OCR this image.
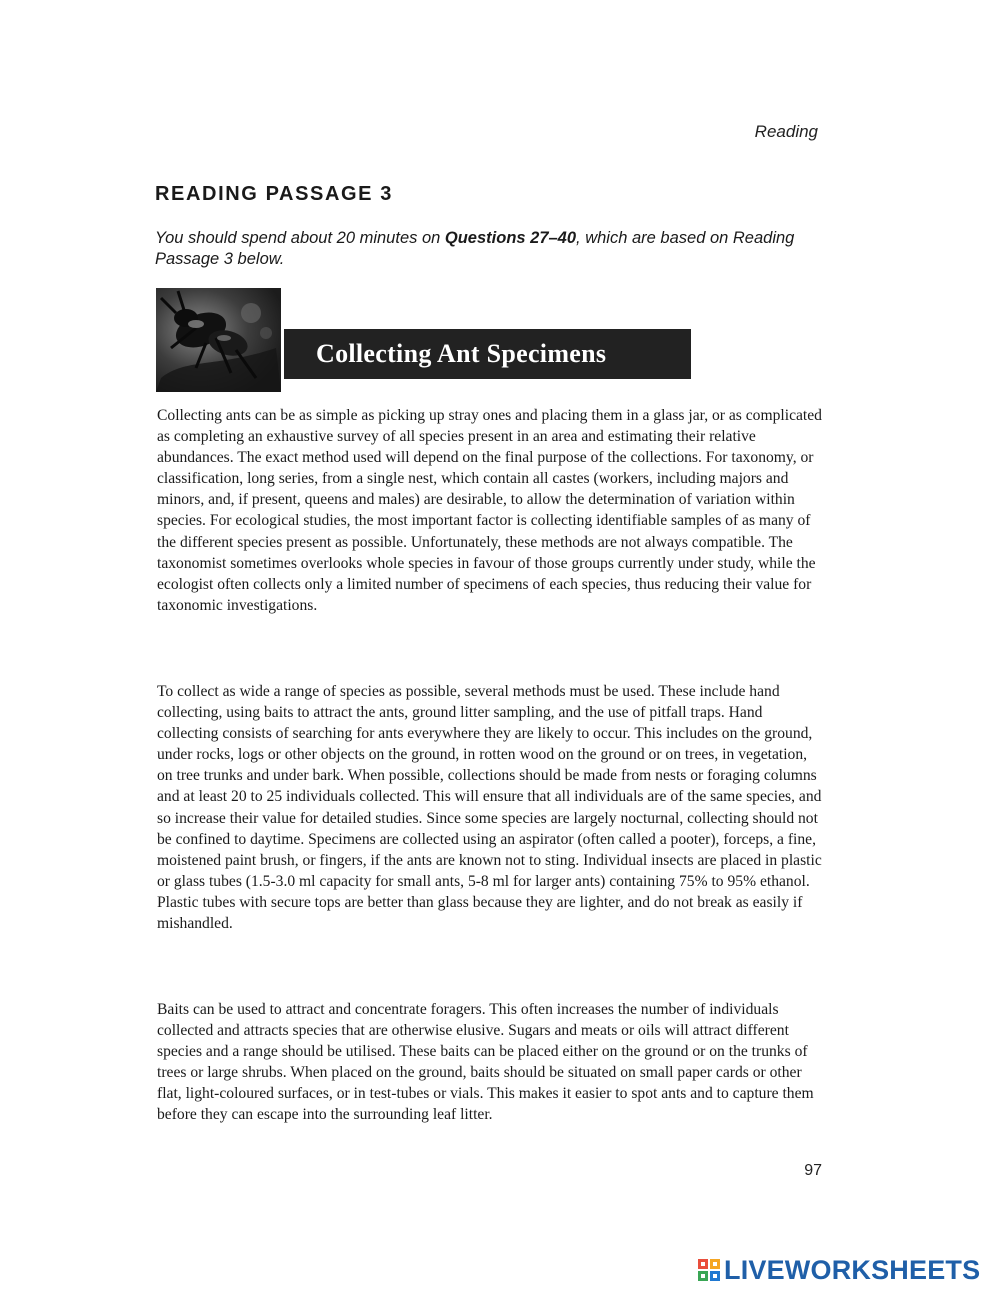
Reading
READING PASSAGE 3

You should spend about 20 minutes on Questions 27–40, which are based on Reading Passage 3 below.

Collecting Ant Specimens

Collecting ants can be as simple as picking up stray ones and placing them in a glass jar, or as complicated as completing an exhaustive survey of all species present in an area and estimating their relative abundances. The exact method used will depend on the final purpose of the collections. For taxonomy, or classification, long series, from a single nest, which contain all castes (workers, including majors and minors, and, if present, queens and males) are desirable, to allow the determination of variation within species. For ecological studies, the most important factor is collecting identifiable samples of as many of the different species present as possible. Unfortunately, these methods are not always compatible. The taxonomist sometimes overlooks whole species in favour of those groups currently under study, while the ecologist often collects only a limited number of specimens of each species, thus reducing their value for taxonomic investigations.

To collect as wide a range of species as possible, several methods must be used. These include hand collecting, using baits to attract the ants, ground litter sampling, and the use of pitfall traps. Hand collecting consists of searching for ants everywhere they are likely to occur. This includes on the ground, under rocks, logs or other objects on the ground, in rotten wood on the ground or on trees, in vegetation, on tree trunks and under bark. When possible, collections should be made from nests or foraging columns and at least 20 to 25 individuals collected. This will ensure that all individuals are of the same species, and so increase their value for detailed studies. Since some species are largely nocturnal, collecting should not be confined to daytime. Specimens are collected using an aspirator (often called a pooter), forceps, a fine, moistened paint brush, or fingers, if the ants are known not to sting. Individual insects are placed in plastic or glass tubes (1.5-3.0 ml capacity for small ants, 5-8 ml for larger ants) containing 75% to 95% ethanol. Plastic tubes with secure tops are better than glass because they are lighter, and do not break as easily if mishandled.

Baits can be used to attract and concentrate foragers. This often increases the number of individuals collected and attracts species that are otherwise elusive. Sugars and meats or oils will attract different species and a range should be utilised. These baits can be placed either on the ground or on the trunks of trees or large shrubs. When placed on the ground, baits should be situated on small paper cards or other flat, light-coloured surfaces, or in test-tubes or vials. This makes it easier to spot ants and to capture them before they can escape into the surrounding leaf litter.

97
LIVEWORKSHEETS
